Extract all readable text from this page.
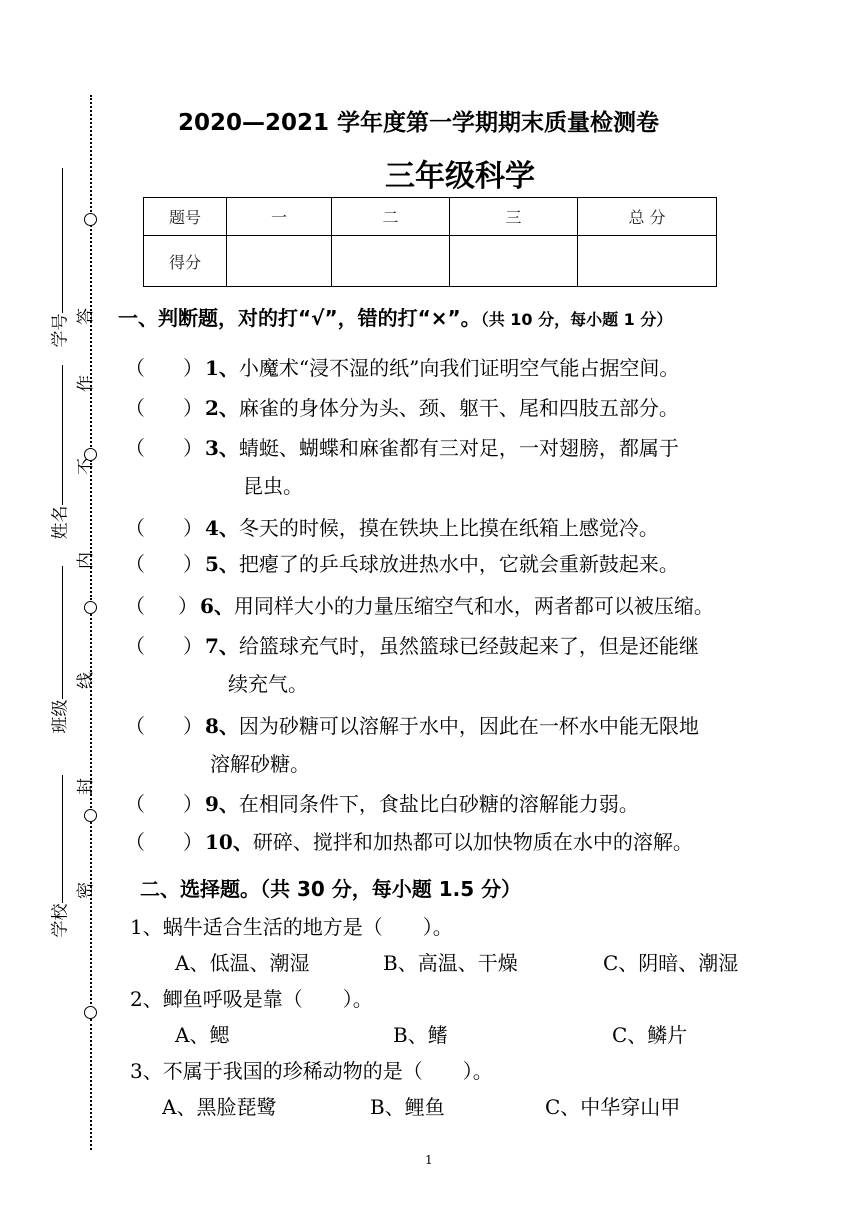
答
作
不
内
线
封
密
学号
姓名
班级
学校
2020—2021 学年度第一学期期末质量检测卷
三年级科学
题号	一	二	三	总 分
得分				
一、判断题，对的打“√”，错的打“×”。（共 10 分，每小题 1 分）
（ ） 1、小魔术“浸不湿的纸”向我们证明空气能占据空间。
（ ） 2、麻雀的身体分为头、颈、躯干、尾和四肢五部分。
（ ） 3、蜻蜓、蝴蝶和麻雀都有三对足，一对翅膀，都属于
昆虫。
（ ） 4、冬天的时候，摸在铁块上比摸在纸箱上感觉冷。
（ ） 5、把瘪了的乒乓球放进热水中，它就会重新鼓起来。
（ ） 6、用同样大小的力量压缩空气和水，两者都可以被压缩。
（ ） 7、给篮球充气时，虽然篮球已经鼓起来了，但是还能继
续充气。
（ ） 8、因为砂糖可以溶解于水中，因此在一杯水中能无限地
溶解砂糖。
（ ） 9、在相同条件下，食盐比白砂糖的溶解能力弱。
（ ） 10、研碎、搅拌和加热都可以加快物质在水中的溶解。
二、选择题。（共 30 分，每小题 1.5 分）
1、蜗牛适合生活的地方是（　　）。
A、低温、潮湿	B、高温、干燥	C、阴暗、潮湿
2、鲫鱼呼吸是靠（　　）。
A、鳃	B、鳍	C、鳞片
3、不属于我国的珍稀动物的是（　　）。
A、黑脸琵鹭	B、鲤鱼	C、中华穿山甲
1
